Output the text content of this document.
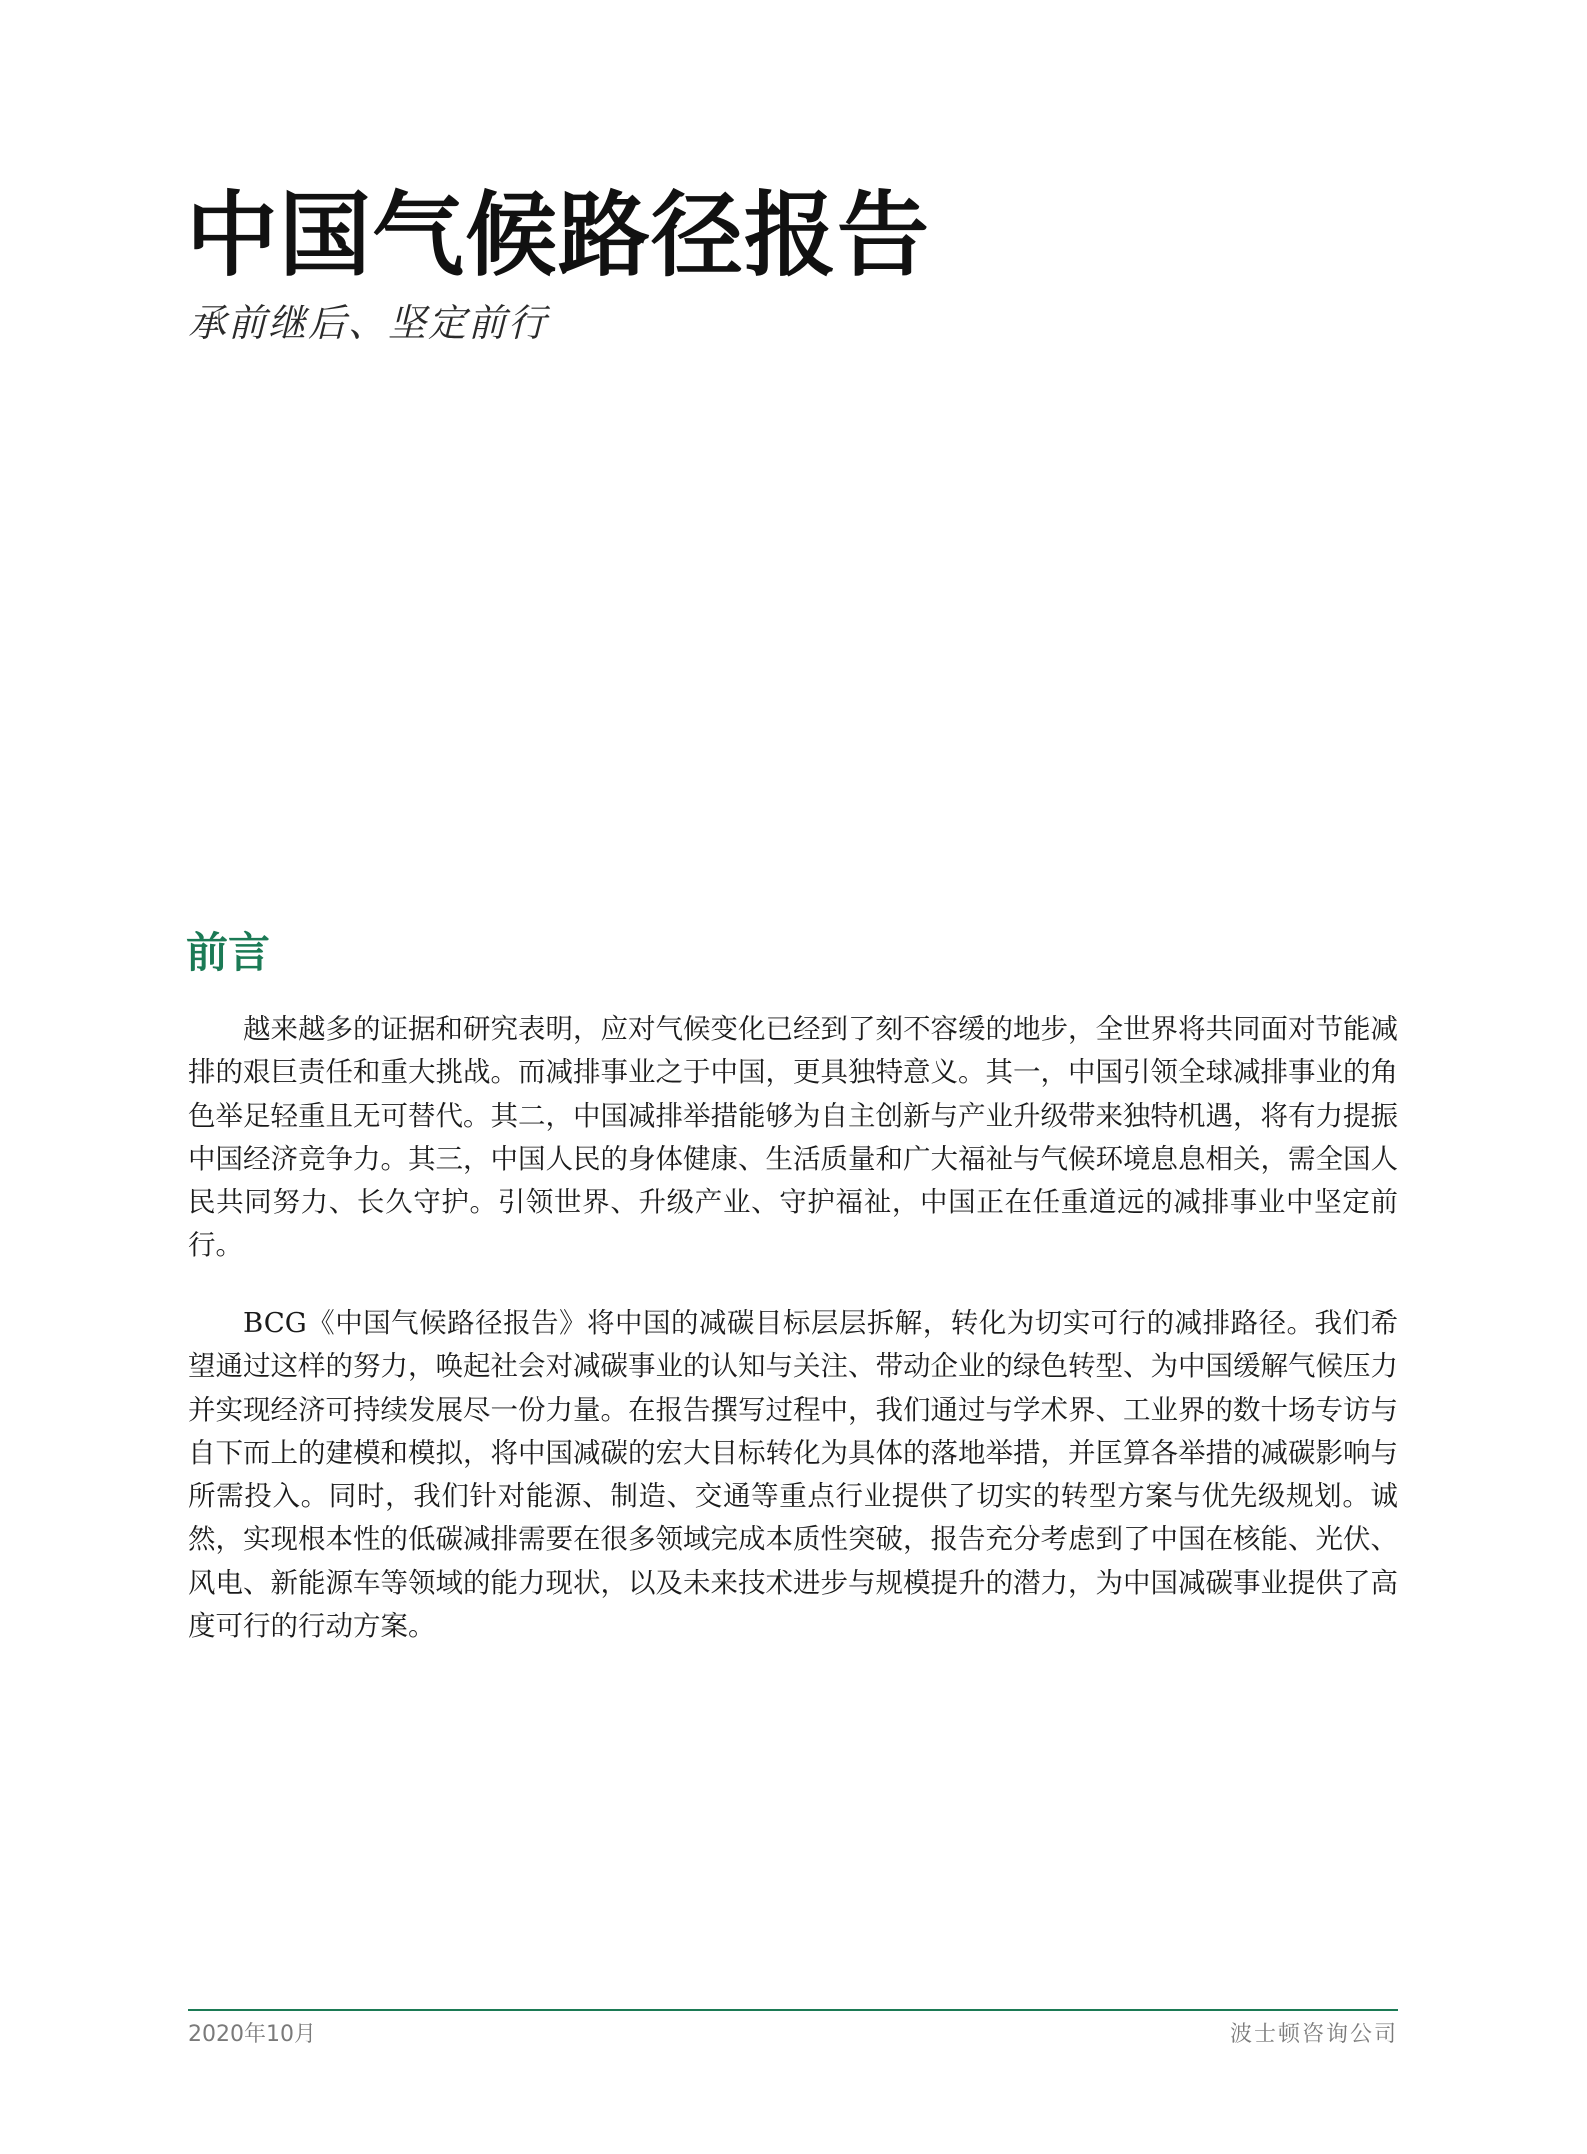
中国气候路径报告

承前继后、坚定前行

前言

越来越多的证据和研究表明，应对气候变化已经到了刻不容缓的地步，全世界将共同面对节能减排的艰巨责任和重大挑战。而减排事业之于中国，更具独特意义。其一，中国引领全球减排事业的角色举足轻重且无可替代。其二，中国减排举措能够为自主创新与产业升级带来独特机遇，将有力提振中国经济竞争力。其三，中国人民的身体健康、生活质量和广大福祉与气候环境息息相关，需全国人民共同努力、长久守护。引领世界、升级产业、守护福祉，中国正在任重道远的减排事业中坚定前行。

BCG《中国气候路径报告》将中国的减碳目标层层拆解，转化为切实可行的减排路径。我们希望通过这样的努力，唤起社会对减碳事业的认知与关注、带动企业的绿色转型、为中国缓解气候压力并实现经济可持续发展尽一份力量。在报告撰写过程中，我们通过与学术界、工业界的数十场专访与自下而上的建模和模拟，将中国减碳的宏大目标转化为具体的落地举措，并匡算各举措的减碳影响与所需投入。同时，我们针对能源、制造、交通等重点行业提供了切实的转型方案与优先级规划。诚然，实现根本性的低碳减排需要在很多领域完成本质性突破，报告充分考虑到了中国在核能、光伏、风电、新能源车等领域的能力现状，以及未来技术进步与规模提升的潜力，为中国减碳事业提供了高度可行的行动方案。

2020年10月	波士顿咨询公司
